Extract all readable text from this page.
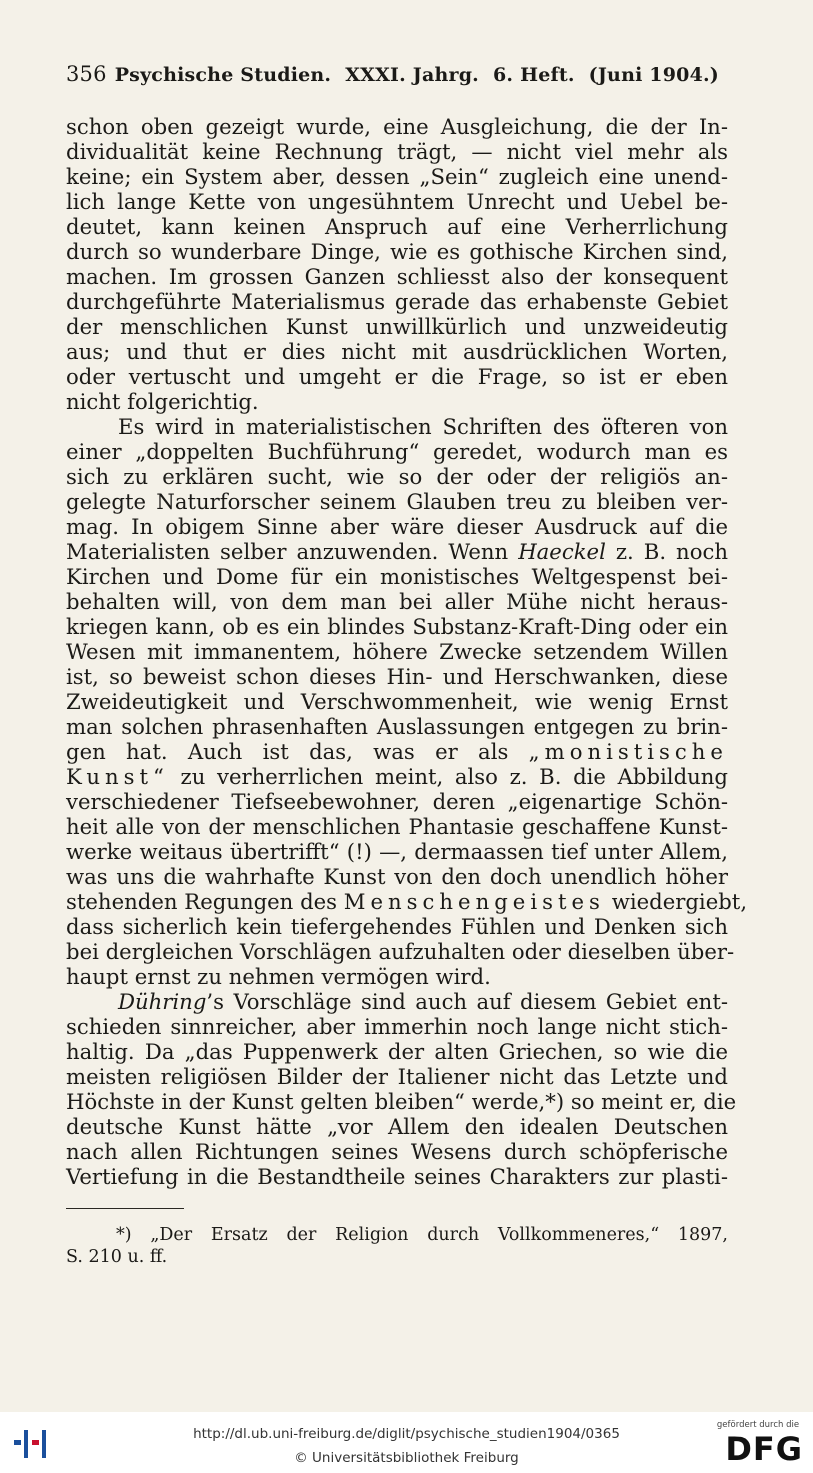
356 Psychische Studien. XXXI. Jahrg. 6. Heft. (Juni 1904.)
schon oben gezeigt wurde, eine Ausgleichung, die der In-
dividualität keine Rechnung trägt, — nicht viel mehr als
keine; ein System aber, dessen „Sein“ zugleich eine unend-
lich lange Kette von ungesühntem Unrecht und Uebel be-
deutet, kann keinen Anspruch auf eine Verherrlichung
durch so wunderbare Dinge, wie es gothische Kirchen sind,
machen. Im grossen Ganzen schliesst also der konsequent
durchgeführte Materialismus gerade das erhabenste Gebiet
der menschlichen Kunst unwillkürlich und unzweideutig
aus; und thut er dies nicht mit ausdrücklichen Worten,
oder vertuscht und umgeht er die Frage, so ist er eben
nicht folgerichtig.
Es wird in materialistischen Schriften des öfteren von
einer „doppelten Buchführung“ geredet, wodurch man es
sich zu erklären sucht, wie so der oder der religiös an-
gelegte Naturforscher seinem Glauben treu zu bleiben ver-
mag. In obigem Sinne aber wäre dieser Ausdruck auf die
Materialisten selber anzuwenden. Wenn Haeckel z. B. noch
Kirchen und Dome für ein monistisches Weltgespenst bei-
behalten will, von dem man bei aller Mühe nicht heraus-
kriegen kann, ob es ein blindes Substanz-Kraft-Ding oder ein
Wesen mit immanentem, höhere Zwecke setzendem Willen
ist, so beweist schon dieses Hin- und Herschwanken, diese
Zweideutigkeit und Verschwommenheit, wie wenig Ernst
man solchen phrasenhaften Auslassungen entgegen zu brin-
gen hat. Auch ist das, was er als „monistische
Kunst“ zu verherrlichen meint, also z. B. die Abbildung
verschiedener Tiefseebewohner, deren „eigenartige Schön-
heit alle von der menschlichen Phantasie geschaffene Kunst-
werke weitaus übertrifft“ (!) —, dermaassen tief unter Allem,
was uns die wahrhafte Kunst von den doch unendlich höher
stehenden Regungen des Menschengeistes wiedergiebt,
dass sicherlich kein tiefergehendes Fühlen und Denken sich
bei dergleichen Vorschlägen aufzuhalten oder dieselben über-
haupt ernst zu nehmen vermögen wird.
Dühring’s Vorschläge sind auch auf diesem Gebiet ent-
schieden sinnreicher, aber immerhin noch lange nicht stich-
haltig. Da „das Puppenwerk der alten Griechen, so wie die
meisten religiösen Bilder der Italiener nicht das Letzte und
Höchste in der Kunst gelten bleiben“ werde,*) so meint er, die
deutsche Kunst hätte „vor Allem den idealen Deutschen
nach allen Richtungen seines Wesens durch schöpferische
Vertiefung in die Bestandtheile seines Charakters zur plasti-
*) „Der Ersatz der Religion durch Vollkommeneres,“ 1897,
S. 210 u. ff.
http://dl.ub.uni-freiburg.de/diglit/psychische_studien1904/0365
© Universitätsbibliothek Freiburg
gefördert durch die
DFG
